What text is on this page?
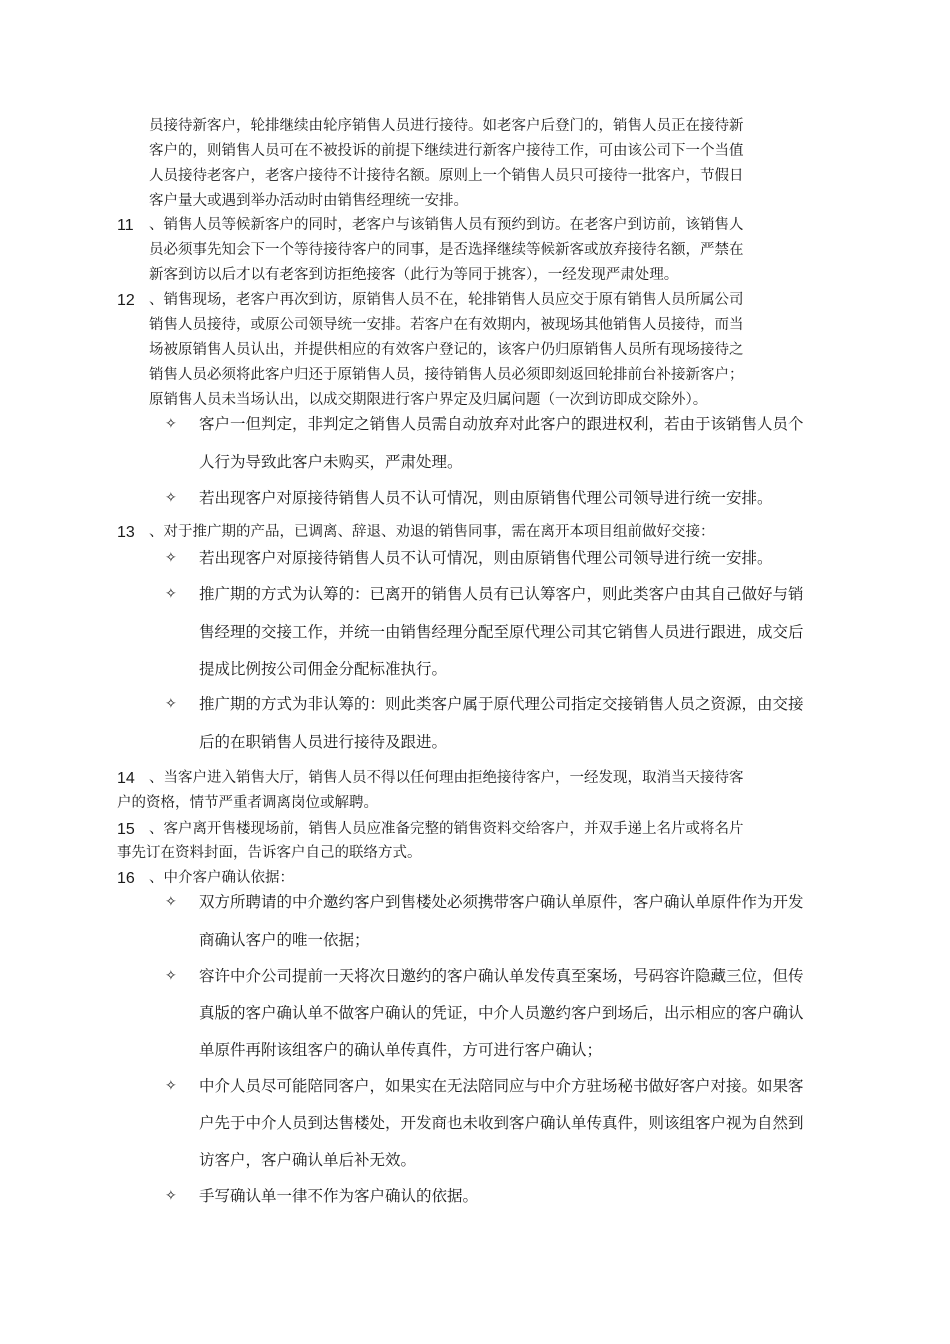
员接待新客户，轮排继续由轮序销售人员进行接待。如老客户后登门的，销售人员正在接待新
客户的，则销售人员可在不被投诉的前提下继续进行新客户接待工作，可由该公司下一个当值
人员接待老客户，老客户接待不计接待名额。原则上一个销售人员只可接待一批客户，节假日
客户量大或遇到举办活动时由销售经理统一安排。
11	、销售人员等候新客户的同时，老客户与该销售人员有预约到访。在老客户到访前，该销售人
员必须事先知会下一个等待接待客户的同事，是否选择继续等候新客或放弃接待名额，严禁在
新客到访以后才以有老客到访拒绝接客（此行为等同于挑客），一经发现严肃处理。
12 、销售现场，老客户再次到访，原销售人员不在，轮排销售人员应交于原有销售人员所属公司
销售人员接待，或原公司领导统一安排。若客户在有效期内，被现场其他销售人员接待，而当
场被原销售人员认出，并提供相应的有效客户登记的，该客户仍归原销售人员所有现场接待之
销售人员必须将此客户归还于原销售人员，接待销售人员必须即刻返回轮排前台补接新客户；
原销售人员未当场认出，以成交期限进行客户界定及归属问题（一次到访即成交除外）。
✧ 客户一但判定，非判定之销售人员需自动放弃对此客户的跟进权利，若由于该销售人员个
人行为导致此客户未购买，严肃处理。
✧ 若出现客户对原接待销售人员不认可情况，则由原销售代理公司领导进行统一安排。
13 、对于推广期的产品，已调离、辞退、劝退的销售同事，需在离开本项目组前做好交接：
✧ 若出现客户对原接待销售人员不认可情况，则由原销售代理公司领导进行统一安排。
✧ 推广期的方式为认筹的：已离开的销售人员有已认筹客户，则此类客户由其自己做好与销
售经理的交接工作，并统一由销售经理分配至原代理公司其它销售人员进行跟进，成交后
提成比例按公司佣金分配标准执行。
✧ 推广期的方式为非认筹的：则此类客户属于原代理公司指定交接销售人员之资源，由交接
后的在职销售人员进行接待及跟进。
14 、当客户进入销售大厅，销售人员不得以任何理由拒绝接待客户，一经发现，取消当天接待客
户的资格，情节严重者调离岗位或解聘。
15 、客户离开售楼现场前，销售人员应准备完整的销售资料交给客户，并双手递上名片或将名片
事先订在资料封面，告诉客户自己的联络方式。
16 、中介客户确认依据：
✧ 双方所聘请的中介邀约客户到售楼处必须携带客户确认单原件，客户确认单原件作为开发
商确认客户的唯一依据；
✧ 容许中介公司提前一天将次日邀约的客户确认单发传真至案场，号码容许隐藏三位，但传
真版的客户确认单不做客户确认的凭证，中介人员邀约客户到场后，出示相应的客户确认
单原件再附该组客户的确认单传真件，方可进行客户确认；
✧ 中介人员尽可能陪同客户，如果实在无法陪同应与中介方驻场秘书做好客户对接。如果客
户先于中介人员到达售楼处，开发商也未收到客户确认单传真件，则该组客户视为自然到
访客户，客户确认单后补无效。
✧ 手写确认单一律不作为客户确认的依据。
